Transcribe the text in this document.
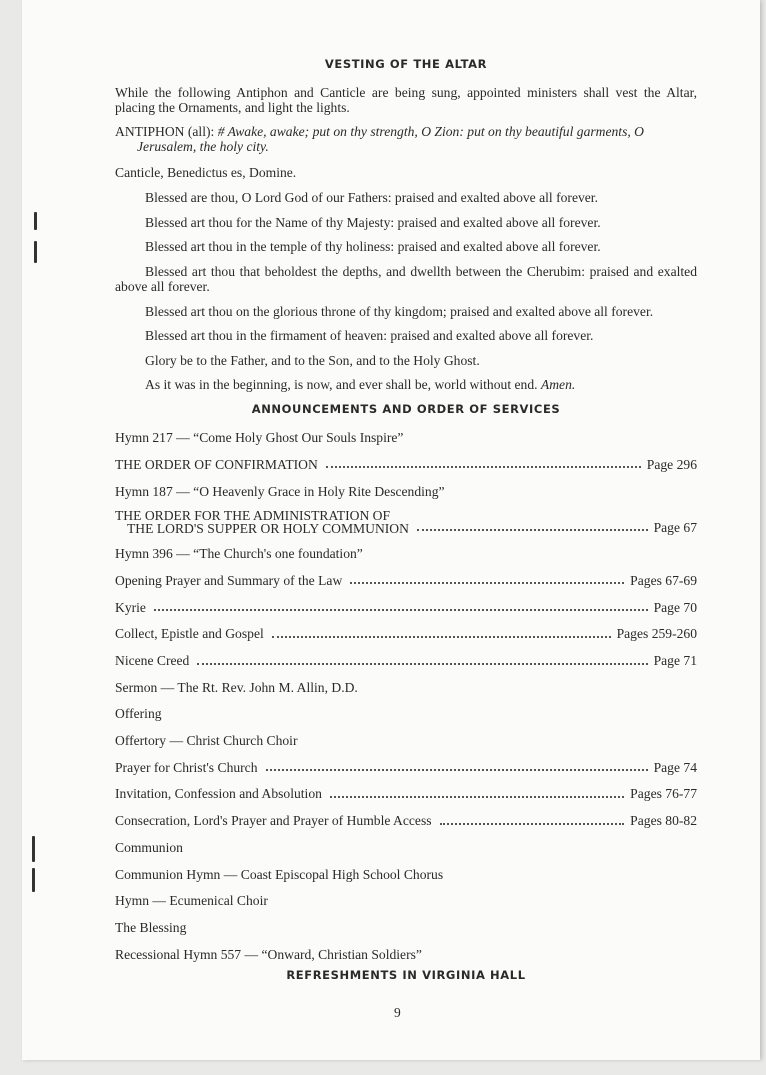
VESTING OF THE ALTAR
While the following Antiphon and Canticle are being sung, appointed ministers shall vest the Altar, placing the Ornaments, and light the lights.
ANTIPHON (all): # Awake, awake; put on thy strength, O Zion: put on thy beautiful garments, O Jerusalem, the holy city.
Canticle, Benedictus es, Domine.
Blessed are thou, O Lord God of our Fathers: praised and exalted above all forever.
Blessed art thou for the Name of thy Majesty: praised and exalted above all forever.
Blessed art thou in the temple of thy holiness: praised and exalted above all forever.
Blessed art thou that beholdest the depths, and dwellth between the Cherubim: praised and exalted above all forever.
Blessed art thou on the glorious throne of thy kingdom; praised and exalted above all forever.
Blessed art thou in the firmament of heaven: praised and exalted above all forever.
Glory be to the Father, and to the Son, and to the Holy Ghost.
As it was in the beginning, is now, and ever shall be, world without end. Amen.
ANNOUNCEMENTS AND ORDER OF SERVICES
Hymn 217 — “Come Holy Ghost Our Souls Inspire”
THE ORDER OF CONFIRMATION	Page 296
Hymn 187 — “O Heavenly Grace in Holy Rite Descending”
THE ORDER FOR THE ADMINISTRATION OF
THE LORD'S SUPPER OR HOLY COMMUNION	Page 67
Hymn 396 — “The Church's one foundation”
Opening Prayer and Summary of the Law	Pages 67-69
Kyrie	Page 70
Collect, Epistle and Gospel	Pages 259-260
Nicene Creed	Page 71
Sermon — The Rt. Rev. John M. Allin, D.D.
Offering
Offertory — Christ Church Choir
Prayer for Christ's Church	Page 74
Invitation, Confession and Absolution	Pages 76-77
Consecration, Lord's Prayer and Prayer of Humble Access	Pages 80-82
Communion
Communion Hymn — Coast Episcopal High School Chorus
Hymn — Ecumenical Choir
The Blessing
Recessional Hymn 557 — “Onward, Christian Soldiers”
REFRESHMENTS IN VIRGINIA HALL
9
